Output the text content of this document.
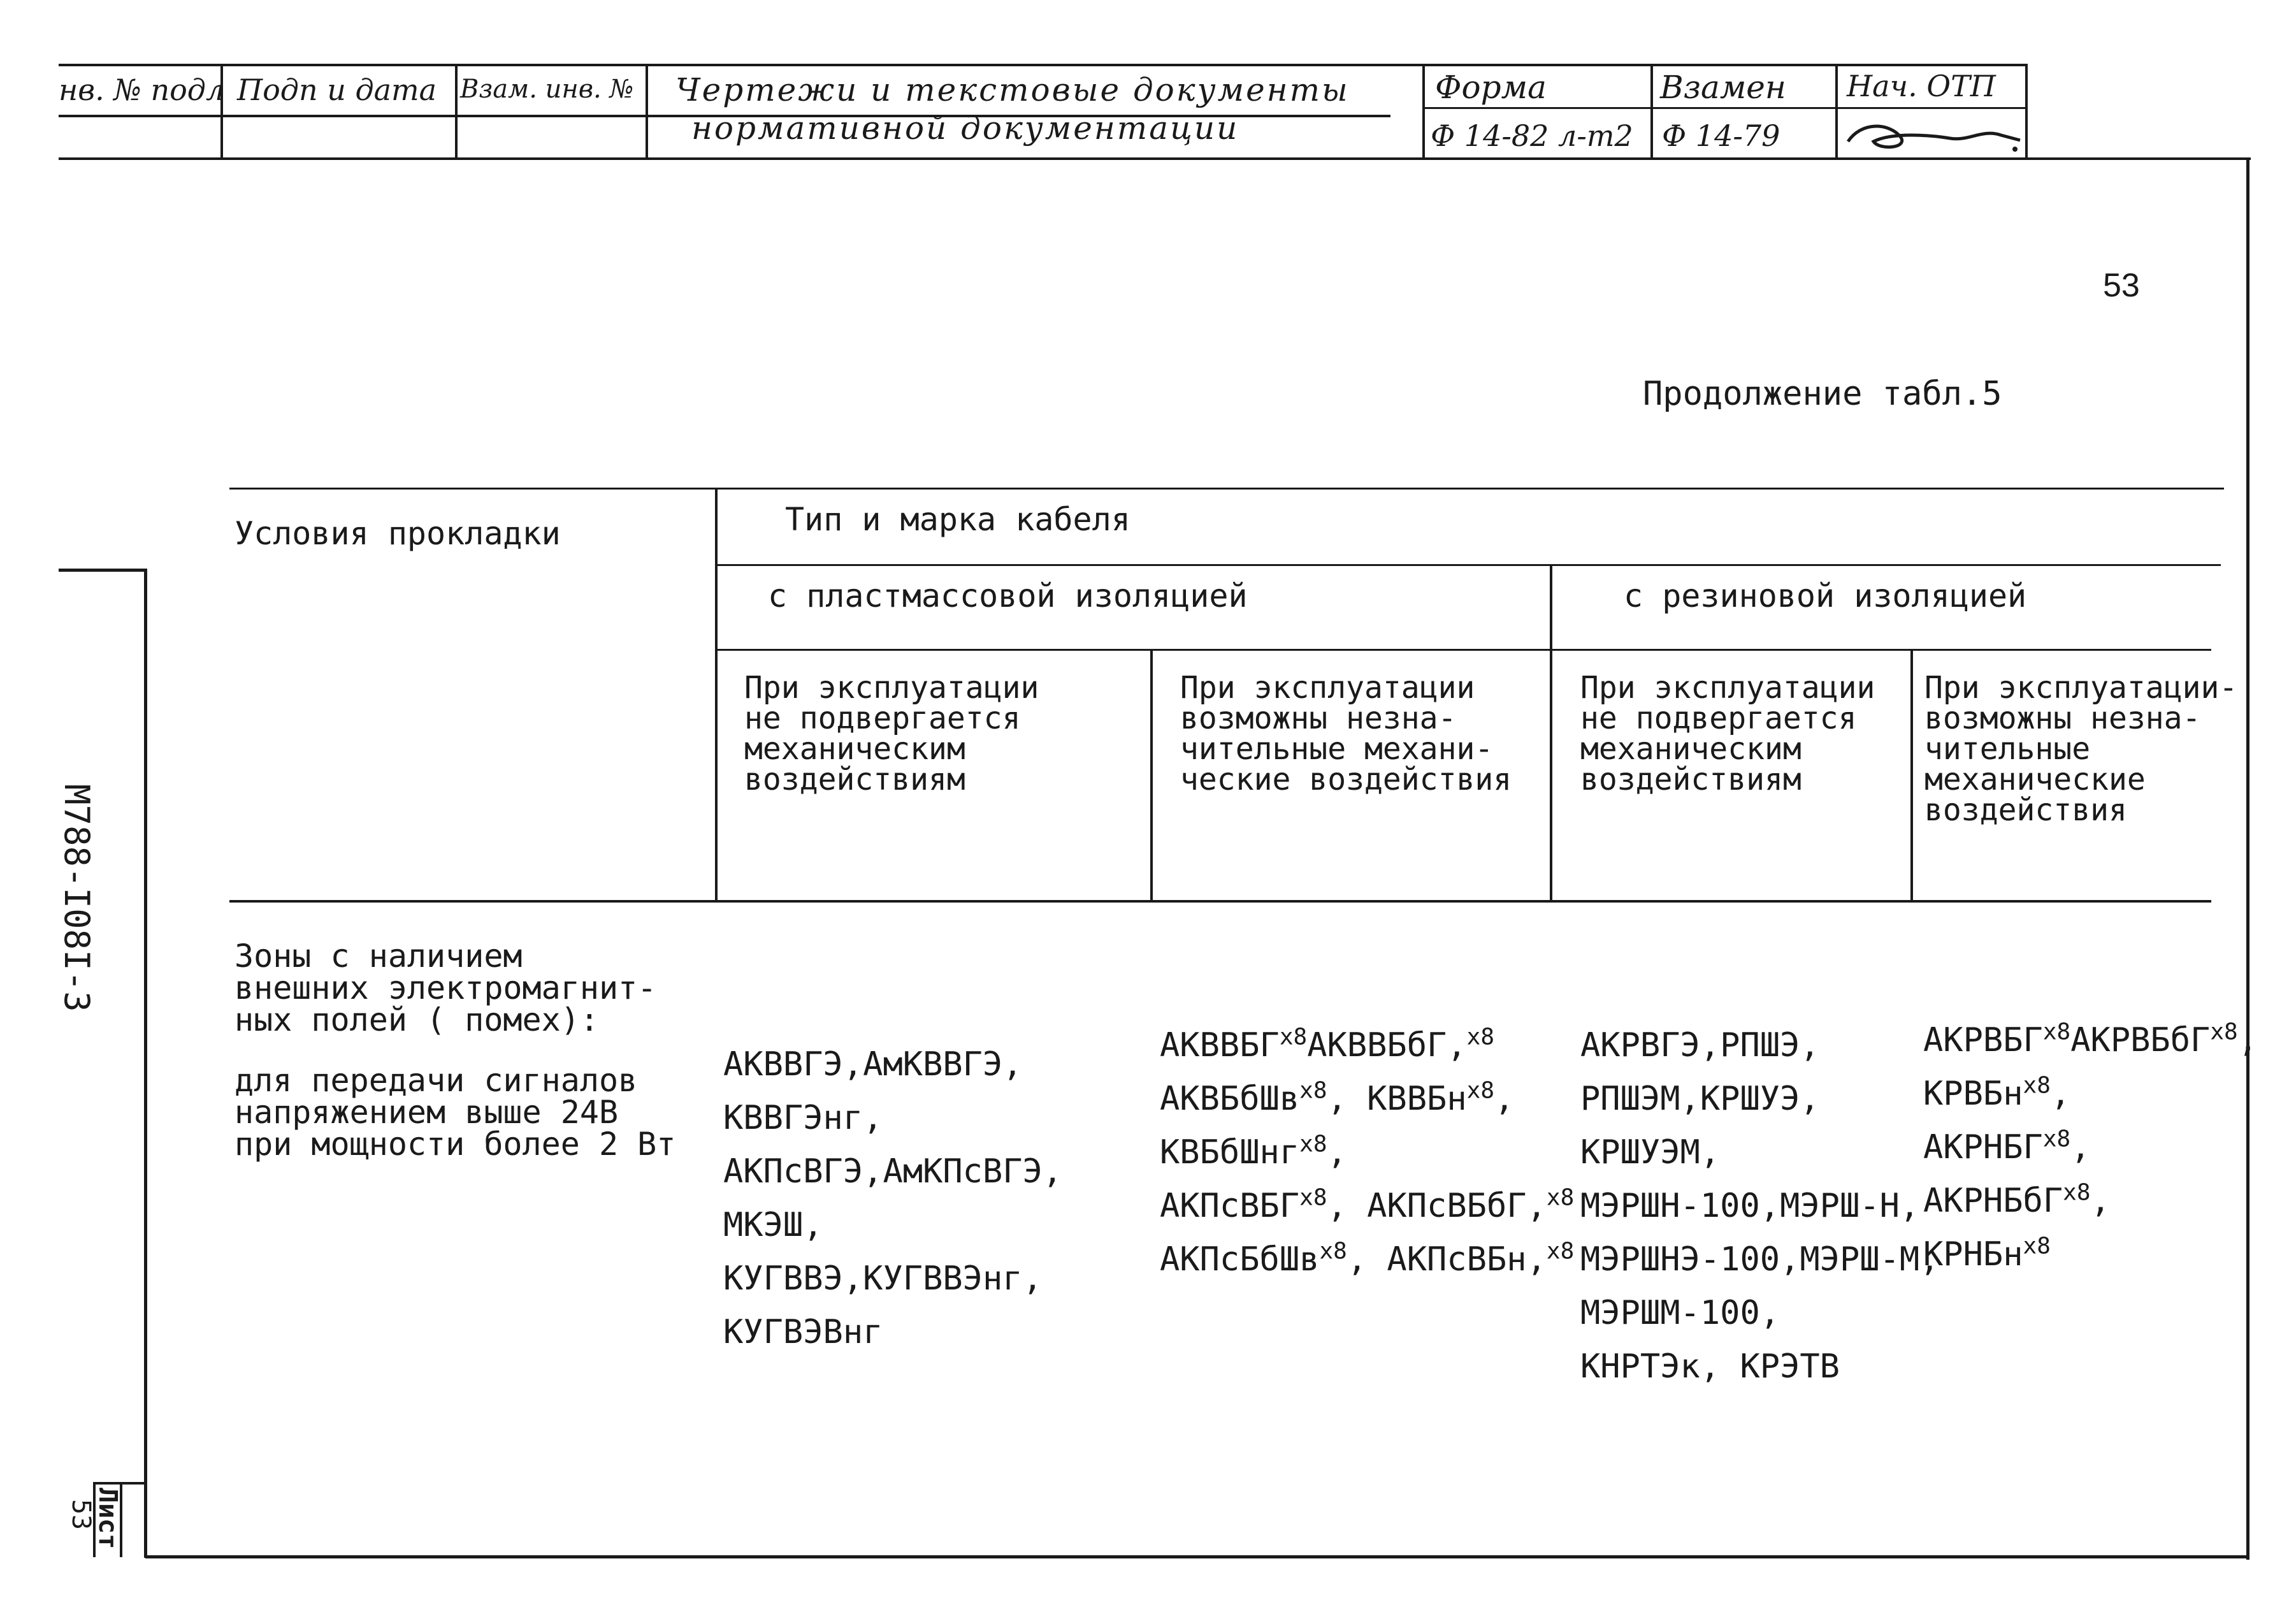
нв. № подл Подп и дата Взам. инв. № Чертежи и текстовые документы
нормативной документации
Форма
Ф 14-82 л-т2
Взамен
Ф 14-79
Нач. ОТП
М788-I08I-3
Лист
53
53
Продолжение табл.5
Условия прокладки	Тип и марка кабеля
с пластмассовой изоляцией	с резиновой изоляцией
При эксплуатации
не подвергается
механическим
воздействиям
При эксплуатации
возможны незна-
чительные механи-
ческие воздействия
При эксплуатации
не подвергается
механическим
воздействиям
При эксплуатации-
возможны незна-
чительные
механические
воздействия
Зоны с наличием
внешних электромагнит-
ных полей ( помех):
для передачи сигналов
напряжением выше 24В
при мощности более 2 Вт
АКВВГЭ,АмКВВГЭ,
КВВГЭнг,
АКПсВГЭ,АмКПсВГЭ,
МКЭШ,
КУГВВЭ,КУГВВЭнг,
КУГВЭВнг
$АКВВБГ^{х8}АКВВБбГ,^{х8}$
АКВБбШв$^{х8}$, КВВБн$^{х8}$,
КВБбШнг$^{х8}$,
АКПсВБГ$^{х8}$, АКПсВБбГ,$^{х8}$
АКПсБбШв$^{х8}$, АКПсВБн,$^{х8}$
АКРВГЭ,РПШЭ,
РПШЭМ,КРШУЭ,
КРШУЭМ,
МЭРШН-100,МЭРШ-Н,
МЭРШНЭ-100,МЭРШ-М,
МЭРШМ-100,
КНРТЭк, КРЭТВ
$АКРВБГ^{х8}АКРВБбГ^{х8}$,
КРВБн$^{х8}$,
$АКРНБГ^{х8}$,
АКРНБбГ$^{х8}$,
КРНБн$^{х8}$
